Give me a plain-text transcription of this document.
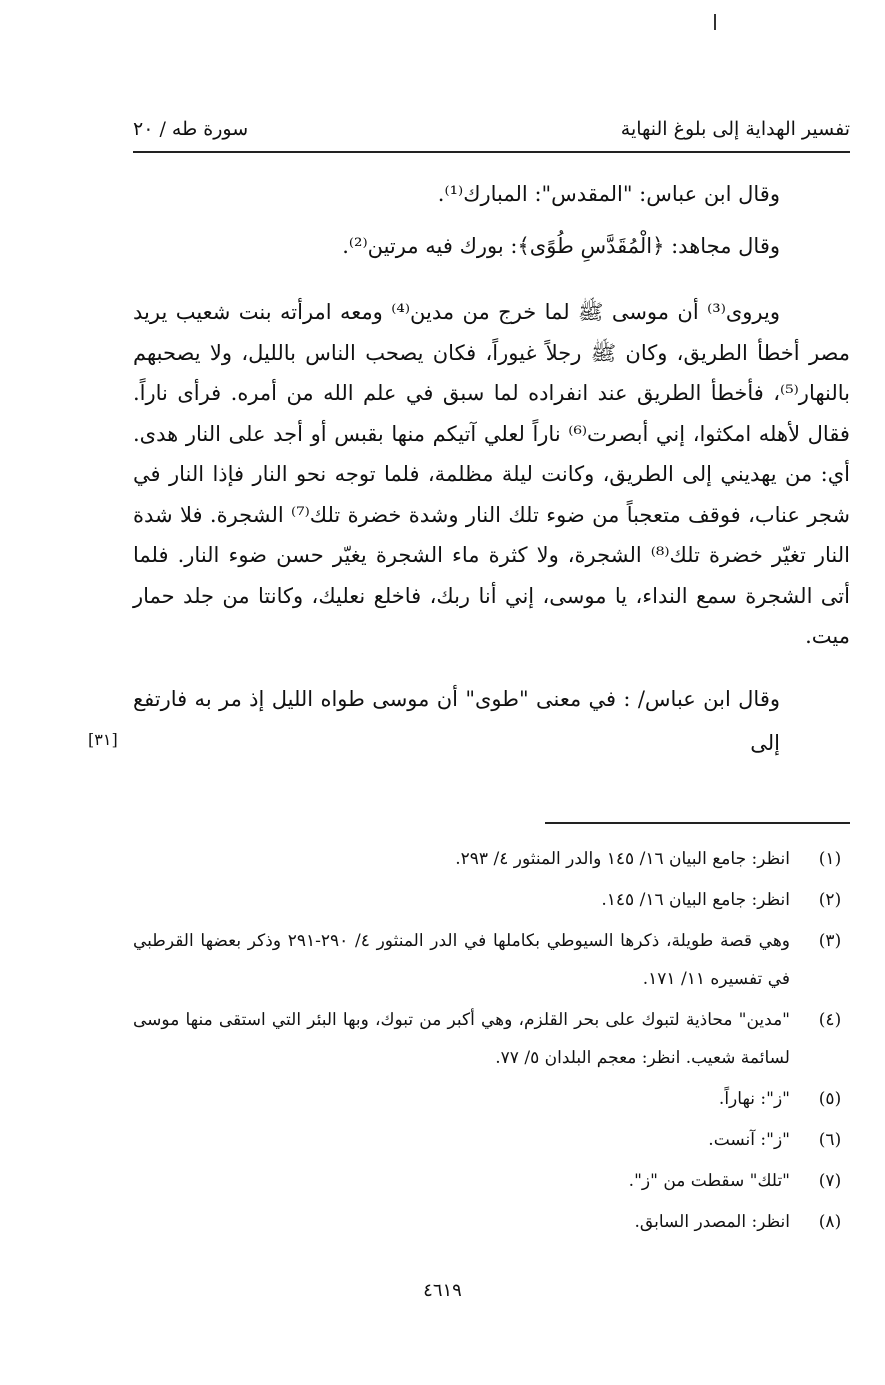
تفسير الهداية إلى بلوغ النهاية
سورة طه / ٢٠

وقال ابن عباس: "المقدس": المبارك⁽¹⁾.

وقال مجاهد: ﴿الْمُقَدَّسِ طُوًى﴾: بورك فيه مرتين⁽²⁾.

ويروى⁽³⁾ أن موسى ﷺ لما خرج من مدين⁽⁴⁾ ومعه امرأته بنت شعيب يريد مصر أخطأ الطريق، وكان ﷺ رجلاً غيوراً، فكان يصحب الناس بالليل، ولا يصحبهم بالنهار⁽⁵⁾، فأخطأ الطريق عند انفراده لما سبق في علم الله من أمره. فرأى ناراً. فقال لأهله امكثوا، إني أبصرت⁽⁶⁾ ناراً لعلي آتيكم منها بقبس أو أجد على النار هدى. أي: من يهديني إلى الطريق، وكانت ليلة مظلمة، فلما توجه نحو النار فإذا النار في شجر عناب، فوقف متعجباً من ضوء تلك النار وشدة خضرة تلك⁽⁷⁾ الشجرة. فلا شدة النار تغيّر خضرة تلك⁽⁸⁾ الشجرة، ولا كثرة ماء الشجرة يغيّر حسن ضوء النار. فلما أتى الشجرة سمع النداء، يا موسى، إني أنا ربك، فاخلع نعليك، وكانتا من جلد حمار ميت.

وقال ابن عباس/ : في معنى "طوى" أن موسى طواه الليل إذ مر به فارتفع إلى

[٣١]
(١)
انظر: جامع البيان ١٦/ ١٤٥ والدر المنثور ٤/ ٢٩٣.
(٢)
انظر: جامع البيان ١٦/ ١٤٥.
(٣)
وهي قصة طويلة، ذكرها السيوطي بكاملها في الدر المنثور ٤/ ٢٩٠-٢٩١ وذكر بعضها القرطبي في تفسيره ١١/ ١٧١.
(٤)
"مدين" محاذية لتبوك على بحر القلزم، وهي أكبر من تبوك، وبها البئر التي استقى منها موسى لسائمة شعيب. انظر: معجم البلدان ٥/ ٧٧.
(٥)
"ز": نهاراً.
(٦)
"ز": آنست.
(٧)
"تلك" سقطت من "ز".
(٨)
انظر: المصدر السابق.
٤٦١٩
